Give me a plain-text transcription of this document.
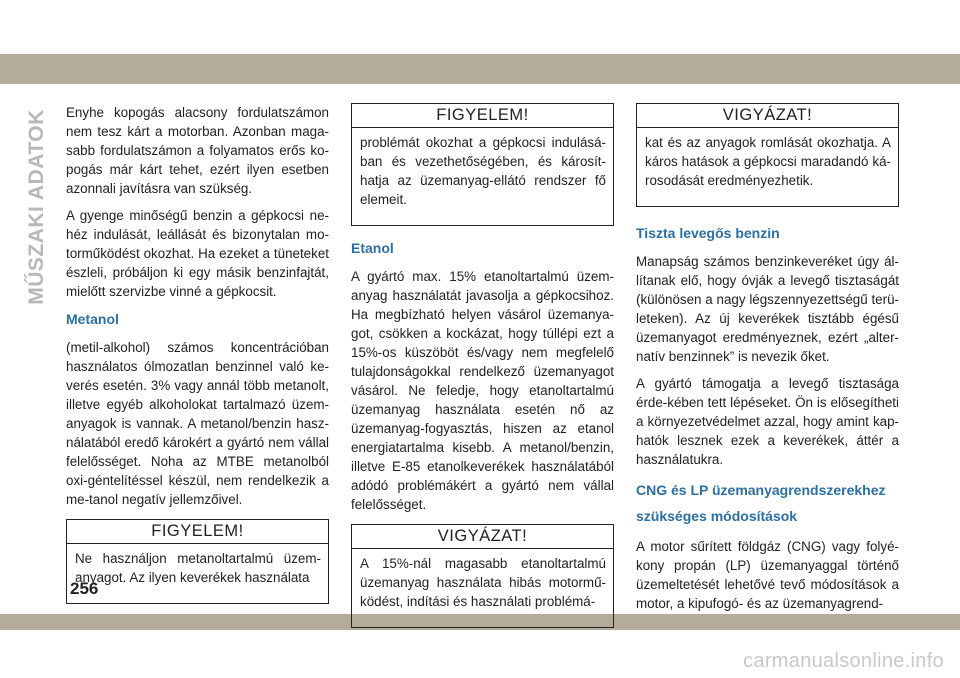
MŰSZAKI ADATOK Enyhe kopogás alacsony fordulatszámon nem tesz kárt a motorban. Azonban maga-sabb fordulatszámon a folyamatos erős ko-pogás már kárt tehet, ezért ilyen esetben azonnali javításra van szükség.

A gyenge minőségű benzin a gépkocsi ne-héz indulását, leállását és bizonytalan mo-torműködést okozhat. Ha ezeket a tüneteket észleli, próbáljon ki egy másik benzinfajtát, mielőtt szervizbe vinné a gépkocsit.

Metanol

(metil-alkohol) számos koncentrációban használatos ólmozatlan benzinnel való ke-verés esetén. 3% vagy annál több metanolt, illetve egyéb alkoholokat tartalmazó üzem-anyagok is vannak. A metanol/benzin hasz-nálatából eredő károkért a gyártó nem vállal felelősséget. Noha az MTBE metanolból oxi-géntelítéssel készül, nem rendelkezik a me-tanol negatív jellemzőivel.

FIGYELEM!

Ne használjon metanoltartalmú üzem-anyagot. Az ilyen keverékek használata

FIGYELEM!

problémát okozhat a gépkocsi indulásá-ban és vezethetőségében, és károsít-hatja az üzemanyag-ellátó rendszer fő elemeit.

Etanol

A gyártó max. 15% etanoltartalmú üzem-anyag használatát javasolja a gépkocsihoz. Ha megbízható helyen vásárol üzemanya-got, csökken a kockázat, hogy túllépi ezt a 15%-os küszöböt és/vagy nem megfelelő tulajdonságokkal rendelkező üzemanyagot vásárol. Ne feledje, hogy etanoltartalmú üzemanyag használata esetén nő az üzemanyag-fogyasztás, hiszen az etanol energiatartalma kisebb. A metanol/benzin, illetve E-85 etanolkeverékek használatából adódó problémákért a gyártó nem vállal felelősséget.

VIGYÁZAT!

A 15%-nál magasabb etanoltartalmú üzemanyag használata hibás motormű-ködést, indítási és használati problémá-

VIGYÁZAT!

kat és az anyagok romlását okozhatja. A káros hatások a gépkocsi maradandó ká-rosodását eredményezhetik.

Tiszta levegős benzin

Manapság számos benzinkeveréket úgy ál-lítanak elő, hogy óvják a levegő tisztaságát (különösen a nagy légszennyezettségű terü-leteken). Az új keverékek tisztább égésű üzemanyagot eredményeznek, ezért „alter-natív benzinnek” is nevezik őket.

A gyártó támogatja a levegő tisztasága érde-kében tett lépéseket. Ön is elősegítheti a környezetvédelmet azzal, hogy amint kap-hatók lesznek ezek a keverékek, áttér a használatukra.

CNG és LP üzemanyagrendszerekhez szükséges módosítások

A motor sűrített földgáz (CNG) vagy folyé-kony propán (LP) üzemanyaggal történő üzemeltetését lehetővé tevő módosítások a motor, a kipufogó- és az üzemanyagrend-

256

carmanualsonline.info
